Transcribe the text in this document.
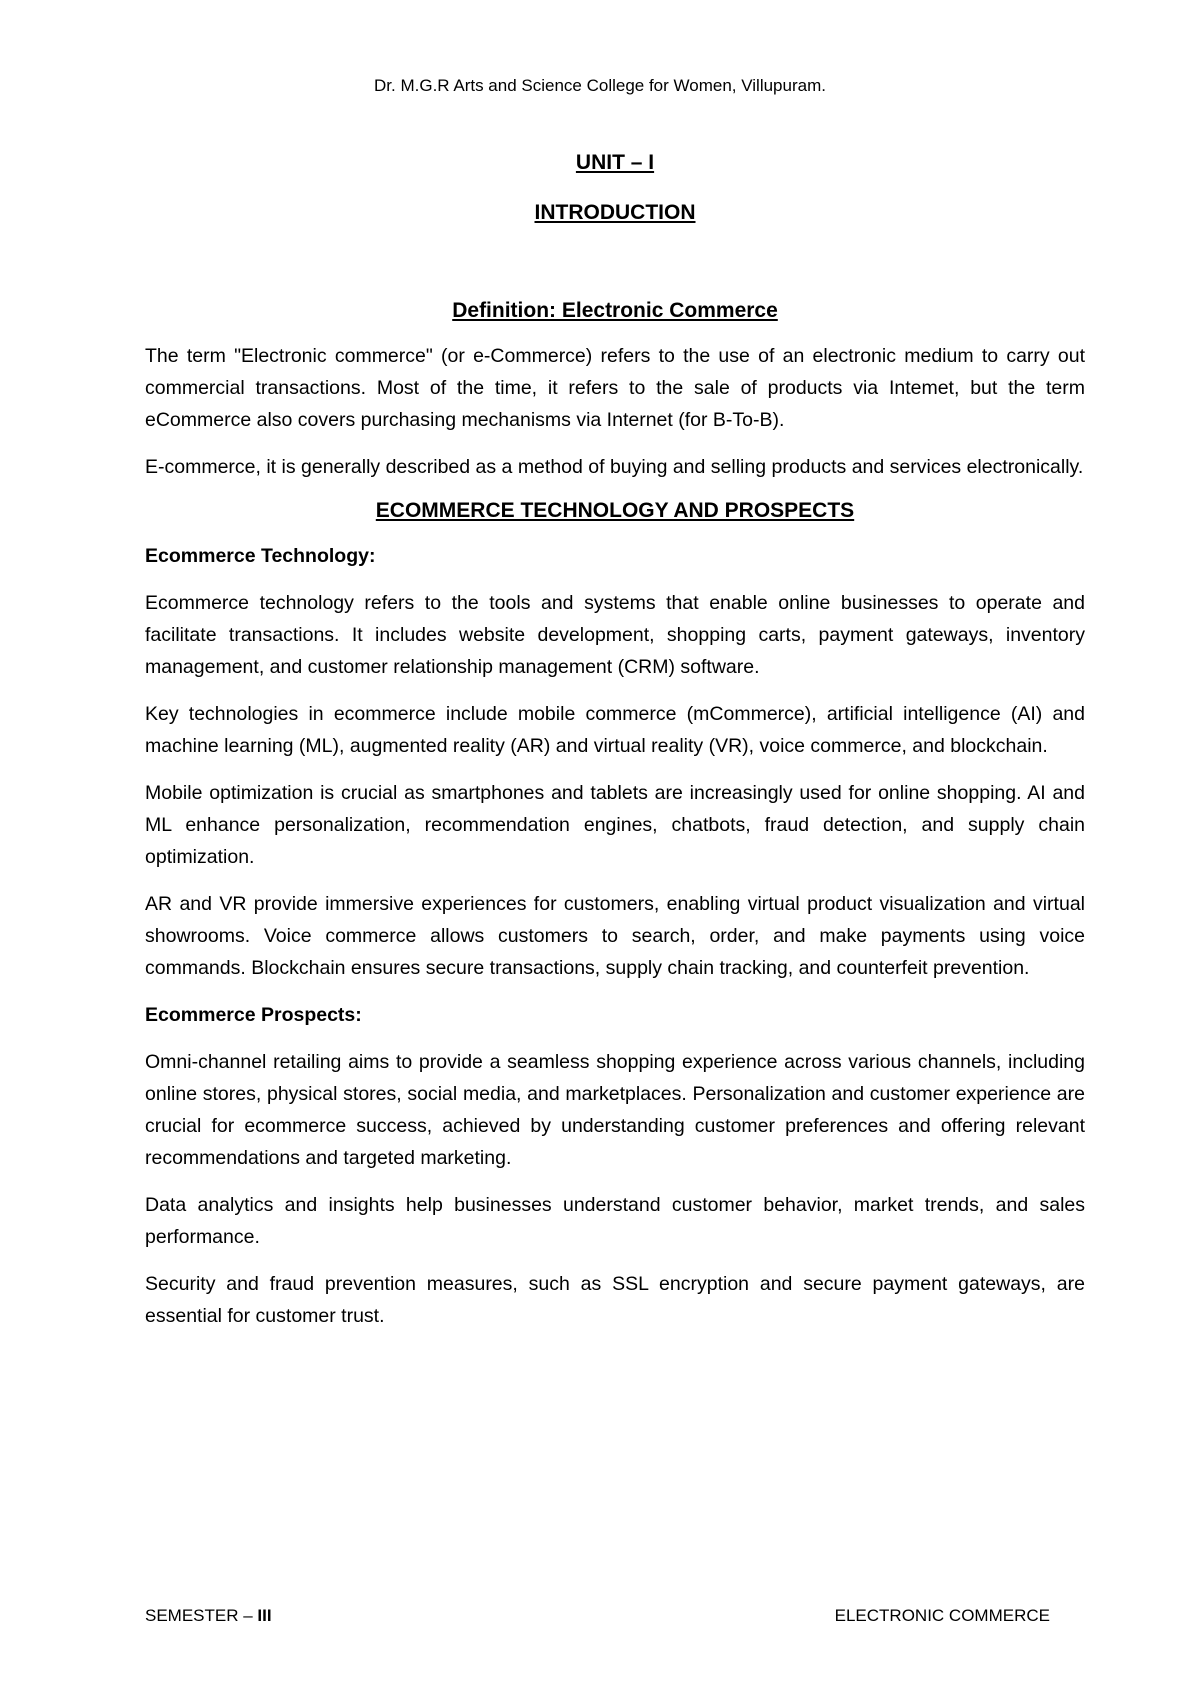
Dr. M.G.R Arts and Science College for Women, Villupuram.
UNIT – I
INTRODUCTION
Definition: Electronic Commerce

The term "Electronic commerce" (or e-Commerce) refers to the use of an electronic medium to carry out commercial transactions. Most of the time, it refers to the sale of products via Intemet, but the term eCommerce also covers purchasing mechanisms via Internet (for B-To-B).

E-commerce, it is generally described as a method of buying and selling products and services electronically.

ECOMMERCE TECHNOLOGY AND PROSPECTS

Ecommerce Technology:

Ecommerce technology refers to the tools and systems that enable online businesses to operate and facilitate transactions. It includes website development, shopping carts, payment gateways, inventory management, and customer relationship management (CRM) software.

Key technologies in ecommerce include mobile commerce (mCommerce), artificial intelligence (AI) and machine learning (ML), augmented reality (AR) and virtual reality (VR), voice commerce, and blockchain.

Mobile optimization is crucial as smartphones and tablets are increasingly used for online shopping. AI and ML enhance personalization, recommendation engines, chatbots, fraud detection, and supply chain optimization.

AR and VR provide immersive experiences for customers, enabling virtual product visualization and virtual showrooms. Voice commerce allows customers to search, order, and make payments using voice commands. Blockchain ensures secure transactions, supply chain tracking, and counterfeit prevention.

Ecommerce Prospects:

Omni-channel retailing aims to provide a seamless shopping experience across various channels, including online stores, physical stores, social media, and marketplaces. Personalization and customer experience are crucial for ecommerce success, achieved by understanding customer preferences and offering relevant recommendations and targeted marketing.

Data analytics and insights help businesses understand customer behavior, market trends, and sales performance.

Security and fraud prevention measures, such as SSL encryption and secure payment gateways, are essential for customer trust.

SEMESTER – III	ELECTRONIC COMMERCE
